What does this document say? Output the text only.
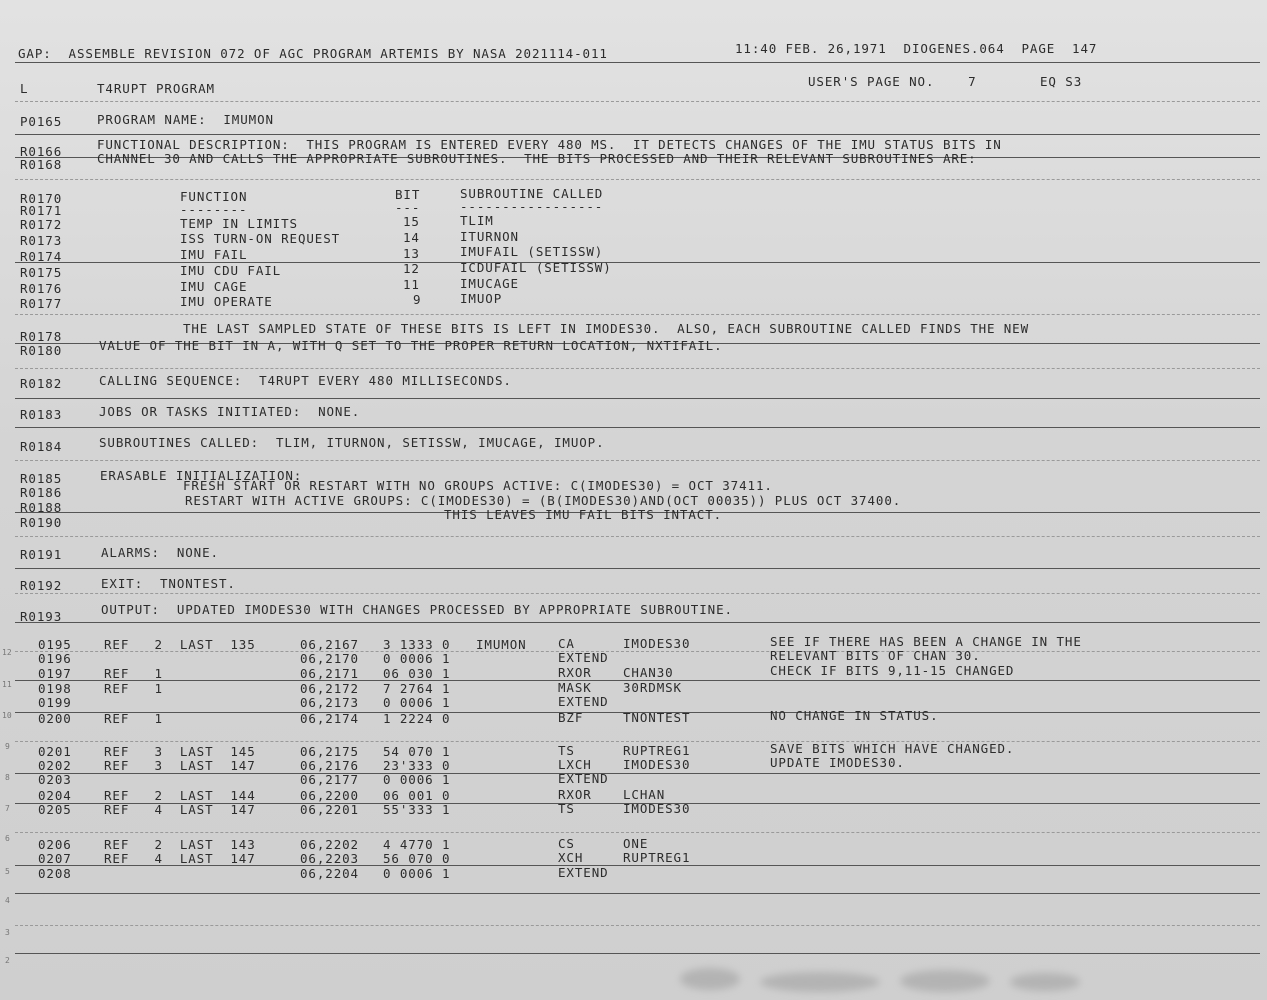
GAP:  ASSEMBLE REVISION 072 OF AGC PROGRAM ARTEMIS BY NASA 2021114-011	11:40 FEB. 26,1971  DIOGENES.064  PAGE  147
L	T4RUPT PROGRAM	USER'S PAGE NO.    7	EQ S3
P0165	PROGRAM NAME:  IMUMON
R0166	FUNCTIONAL DESCRIPTION:  THIS PROGRAM IS ENTERED EVERY 480 MS.  IT DETECTS CHANGES OF THE IMU STATUS BITS IN
R0168	CHANNEL 30 AND CALLS THE APPROPRIATE SUBROUTINES.  THE BITS PROCESSED AND THEIR RELEVANT SUBROUTINES ARE:
R0170	FUNCTION	BIT	SUBROUTINE CALLED
R0171	--------	---	-----------------
R0172	TEMP IN LIMITS	15	TLIM
R0173	ISS TURN-ON REQUEST	14	ITURNON
R0174	IMU FAIL	13	IMUFAIL (SETISSW)
R0175	IMU CDU FAIL	12	ICDUFAIL (SETISSW)
R0176	IMU CAGE	11	IMUCAGE
R0177	IMU OPERATE	9	IMUOP
R0178
THE LAST SAMPLED STATE OF THESE BITS IS LEFT IN IMODES30.  ALSO, EACH SUBROUTINE CALLED FINDS THE NEW
R0180	VALUE OF THE BIT IN A, WITH Q SET TO THE PROPER RETURN LOCATION, NXTIFAIL.
R0182	CALLING SEQUENCE:  T4RUPT EVERY 480 MILLISECONDS.
R0183	JOBS OR TASKS INITIATED:  NONE.
R0184	SUBROUTINES CALLED:  TLIM, ITURNON, SETISSW, IMUCAGE, IMUOP.
R0185	ERASABLE INITIALIZATION:
R0186	FRESH START OR RESTART WITH NO GROUPS ACTIVE: C(IMODES30) = OCT 37411.
R0188	RESTART WITH ACTIVE GROUPS: C(IMODES30) = (B(IMODES30)AND(OCT 00035)) PLUS OCT 37400.
R0190
THIS LEAVES IMU FAIL BITS INTACT.
R0191	ALARMS:  NONE.
R0192	EXIT:  TNONTEST.
R0193	OUTPUT:  UPDATED IMODES30 WITH CHANGES PROCESSED BY APPROPRIATE SUBROUTINE.
12
11
10
9
8
7
6
5
4
3
2
0195	REF   2  LAST  135	06,2167 3 1333 0 IMUMON	CA	IMODES30	SEE IF THERE HAS BEEN A CHANGE IN THE
0196	06,2170 0 0006 1	EXTEND	RELEVANT BITS OF CHAN 30.
0197	REF   1	06,2171 06 030 1	RXOR	CHAN30	CHECK IF BITS 9,11-15 CHANGED
0198	REF   1	06,2172 7 2764 1	MASK	30RDMSK
0199	06,2173 0 0006 1	EXTEND
0200	REF   1	06,2174 1 2224 0	BZF	TNONTEST	NO CHANGE IN STATUS.
0201	REF   3  LAST  145	06,2175 54 070 1	TS	RUPTREG1	SAVE BITS WHICH HAVE CHANGED.
0202	REF   3  LAST  147	06,2176 23'333 0	LXCH	IMODES30	UPDATE IMODES30.
0203	06,2177 0 0006 1	EXTEND
0204	REF   2  LAST  144	06,2200 06 001 0	RXOR	LCHAN
0205	REF   4  LAST  147	06,2201 55'333 1	TS	IMODES30
0206	REF   2  LAST  143	06,2202 4 4770 1	CS	ONE
0207	REF   4  LAST  147	06,2203 56 070 0	XCH	RUPTREG1
0208	06,2204 0 0006 1	EXTEND
